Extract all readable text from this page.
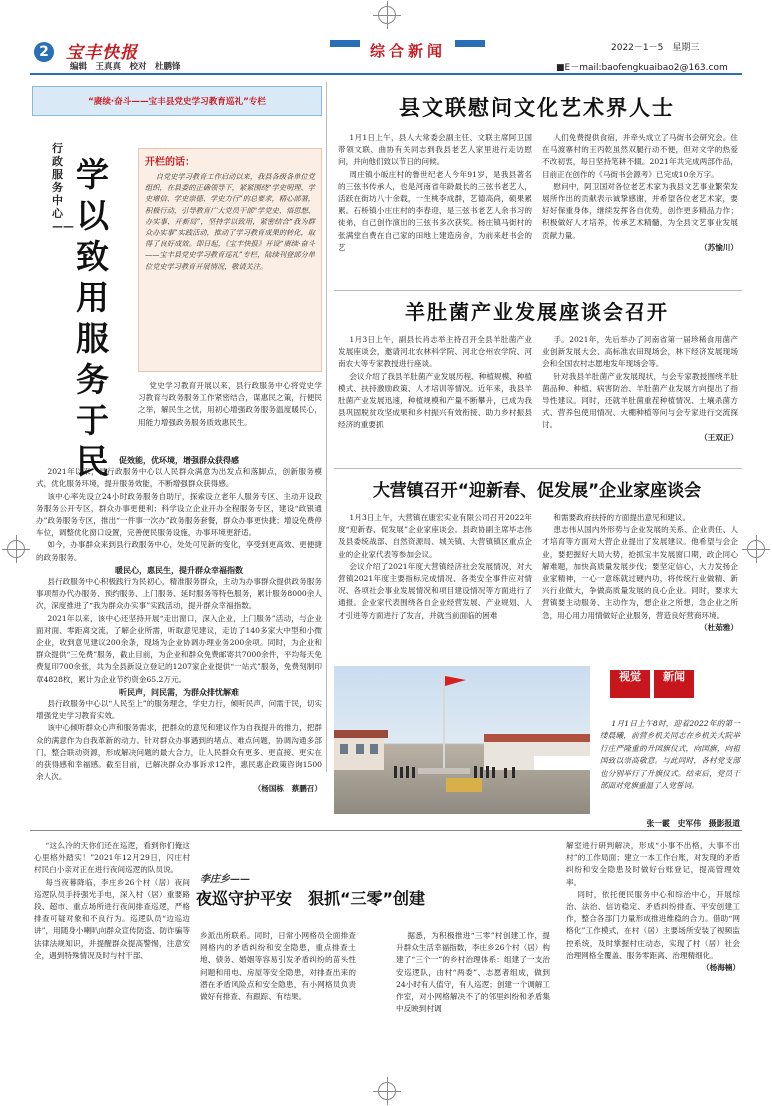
2	宝丰快报
编辑　王真真　校对　杜鹏锋
综合新闻	2022－1－5　星期三
■E－mail:baofengkuaibao2@163.com
“赓续·奋斗——宝丰县党史学习教育巡礼”专栏
行政服务中心——
学以致用服务于民
开栏的话：
自党史学习教育工作启动以来，我县各级各单位党组织，在县委的正确领导下，紧紧围绕“学史明理、学史增信、学史崇德、学史力行”的总要求，精心部署，积极行动，引导教育广大党员干部“学党史、悟思想、办实事、开新局”，坚持学以致用，紧密结合“我为群众办实事”实践活动，推动了学习教育成果的转化，取得了良好成效。即日起，《宝丰快报》开设“赓续·奋斗——宝丰县党史学习教育巡礼”专栏，陆续刊登部分单位党史学习教育开展情况，敬请关注。
党史学习教育开展以来，县行政服务中心将党史学习教育与政务服务工作紧密结合，谋惠民之策，行便民之举，解民生之忧，用初心增强政务服务温度暖民心，用能力增强政务服务质效惠民生。

促效能，优环境，增强群众获得感

2021年以来，县行政服务中心以人民群众满意为出发点和落脚点，创新服务模式，优化服务环境，提升服务效能，不断增强群众获得感。

该中心率先设立24小时政务服务自助厅，探索设立老年人服务专区、主动开设政务服务公开专区，群众办事更便利；科学设立企业开办全程服务专区，建设“政银通办”政务服务专区，推出“一件事一次办”政务服务套餐，群众办事更快捷；增设免费停车位，调整优化窗口设置，完善便民服务设施，办事环境更舒适。

如今，办事群众来到县行政服务中心，处处可见新的变化，享受到更高效、更便捷的政务服务。

暖民心，惠民生，提升群众幸福指数

县行政服务中心积极践行为民初心，精准服务群众，主动为办事群众提供政务服务事项帮办代办服务、预约服务、上门服务、延时服务等特色服务，累计服务8000余人次，深度推进了“我为群众办实事”实践活动，提升群众幸福指数。

2021年以来，该中心还坚持开展“走出窗口，深入企业，上门服务”活动，与企业面对面、零距离交流，了解企业所需，听取意见建议，走访了140多家大中型和小微企业，收到意见建议200余条，现场为企业协调办理业务200余项。同时，为企业和群众提供“三免费”服务，截止目前，为企业和群众免费邮寄共7000余件，平均每天免费复印700余张，共为全县新设立登记的1207家企业提供“一站式”服务，免费刻制印章4828枚，累计为企业节约资金65.2万元。

听民声，问民需，为群众排忧解难

县行政服务中心以“人民至上”的服务理念，学史力行，倾听民声，问需于民，切实增强党史学习教育实效。

该中心倾听群众心声和服务需求，把群众的意见和建议作为自我提升的推力，把群众的满意作为自我革新的动力。针对群众办事遇到的堵点、难点问题，协调沟通多部门，整合联动资源，形成解决问题的最大合力，让人民群众有更多、更直接、更实在的获得感和幸福感。截至目前，已解决群众办事诉求12件，惠民惠企政策咨询1500余人次。

（杨国栋　蔡鹏召）

县文联慰问文化艺术界人士

1月1日上午，县人大常委会副主任、文联主席阿卫国带领文联、曲协有关同志到我县老艺人家里进行走访慰问，并向他们致以节日的问候。

周庄镇小皈庄村的鲁世纪老人今年91岁，是我县著名的三弦书传承人，也是河南省年龄最长的三弦书老艺人，活跃在街坊八十余载，一生桃李成群，艺德高尚，硕果累累。石桥镇小庄庄村的李春迎，是三弦书老艺人余书习的徒弟，自己创作演出的三弦书多次获奖。杨庄镇马街村的张满堂自费在自己家的田地上建造房舍，为前来赶书会的艺

人们免费提供食宿，并牵头成立了马街书会研究会。住在马渡寨村的王丙乾虽然双腿行动不便，但对文学的热爱不改初衷，每日坚持笔耕不辍。2021年共完成两部作品，目前正在创作的《马街书会源考》已完成10余万字。

慰问中，阿卫国对各位老艺术家为我县文艺事业繁荣发展所作出的贡献表示诚挚感谢，并希望各位老艺术家，要好好保重身体，继续发挥各自优势，创作更多精品力作；积极做好人才培养，传承艺术精髓，为全县文艺事业发展贡献力量。

（苏愉川）

羊肚菌产业发展座谈会召开

1月3日上午，副县长肖志举主持召开全县羊肚菌产业发展座谈会，邀请河北农林科学院、河北仓州农学院、河南农大等专家教授进行座谈。

会议介绍了我县羊肚菌产业发展历程、种植规模、种植模式、扶持激励政策、人才培训等情况。近年来，我县羊肚菌产业发展迅速，种植规模和产量不断攀升，已成为我县巩固脱贫攻坚成果和乡村振兴有效衔接、助力乡村振县经济的重要抓

手。2021年，先后举办了河南省第一届珍稀食用菌产业创新发展大会、高标准农田现场会，林下经济发展现场会和全国农村志愿地发年现场会等。

针对我县羊肚菌产业发展现状，与会专家教授围绕羊肚菌品种、种植、病害防治、羊肚菌产业发展方向提出了指导性建议。同时，还就羊肚菌重茬种植情况、土壤杀菌方式、营养包使用情况、大棚种植等问与会专家进行交流探讨。

（王双正）

大营镇召开“迎新春、促发展”企业家座谈会

1月3日上午，大营镇在康宏实业有限公司召开2022年度“迎新春、促发展”企业家座谈会。县政协副主席毕志伟及县委统战部、自然资源局、城关镇、大营镇镇区重点企业的企业家代表等参加会议。

会议介绍了2021年度大营镇经济社会发展情况，对大营镇2021年度主要指标完成情况、各类安全事件应对情况、各项社会事业发展情况和项目建设情况等方面进行了通报。企业家代表围绕各自企业经营发展、产业规划、人才引进等方面进行了发言，并就当前面临的困难

和需要政府扶持的方面提出意见和建议。

患志伟从国内外形势与企业发展的关系、企业责任、人才培育等方面对大营企业提出了发展建议。他希望与会企业，要把握好大局大势，抢抓宝丰发展窗口期，政企同心解难题，加快高质量发展步伐；要坚定信心，大力发扬企业家精神，一心一意练就过硬内功，将传统行业做精、新兴行业做大，争做高质量发展的良心企业。同时，要求大营镇要主动服务、主动作为，想企业之所想，急企业之所急，用心用力用情做好企业服务，营造良好营商环境。

（杜茹雅）

视觉	新闻
1月1日上午8时，迎着2022年的第一缕晨曦，前营乡机关同志在乡机关大院举行庄严隆重的升国旗仪式，向国旗，向祖国致以崇高敬意。与此同时，各村党支部也分别举行了升旗仪式。结束后，党员干部面对党旗重温了入党誓词。
张一霰　史军伟　摄影报道
李庄乡——
夜巡守护平安　狠抓“三零”创建

“这么冷的天你们还在巡逻，看到你们俺这心里格外踏实！”2021年12月29日，闪庄村村民白小亲对正在进行夜间巡逻的队员说。

每当夜幕降临，李庄乡26个村（居）夜间巡逻队员手持强光手电，深入村（居）重要路段、超市、重点场所进行夜间排查巡逻，严格排查可疑对象和不良行为。巡逻队员“边巡边讲”，用随身小喇叭向群众宣传防盗、防诈骗等法律法规知识，并提醒群众提高警惕，注意安全，遇到特殊情况及时与村干部、

乡派出所联系。同时，日常小网格员全面排查网格内的矛盾纠纷和安全隐患，重点排查土地、债务、婚姻等容易引发矛盾纠纷的苗头性问题和用电、房屋等安全隐患，对排查出来的潜在矛盾风险点和安全隐患，有小网格员负责做好有排查、有跟踪、有结果。

据悉，为积极推进“三零”村创建工作，提升群众生活幸福指数，李庄乡26个村（居）构建了“三个一”的乡村治理体系：组建了一支治安巡逻队，由村“两委”、志愿者组成，做到24小时有人值守，有人巡逻；创建一个调解工作室，对小网格解决不了的邻里纠纷和矛盾集中反映到村调

解室进行研判解决，形成“小事不出格，大事不出村”的工作局面；建立一本工作台账，对发现的矛盾纠纷和安全隐患及时做好台账登记，提高管理效率。

同时，依托便民服务中心和综治中心，开展综治、法治、信访稳定、矛盾纠纷排查、平安创建工作，整合各部门力量形成推进维稳的合力。借助“网格化”工作模式，在村（居）主要场所安装了视频监控系统，及时掌握村庄动态，实现了村（居）社会治理网格全覆盖、服务零距离、治理精细化。

（杨海楠）
